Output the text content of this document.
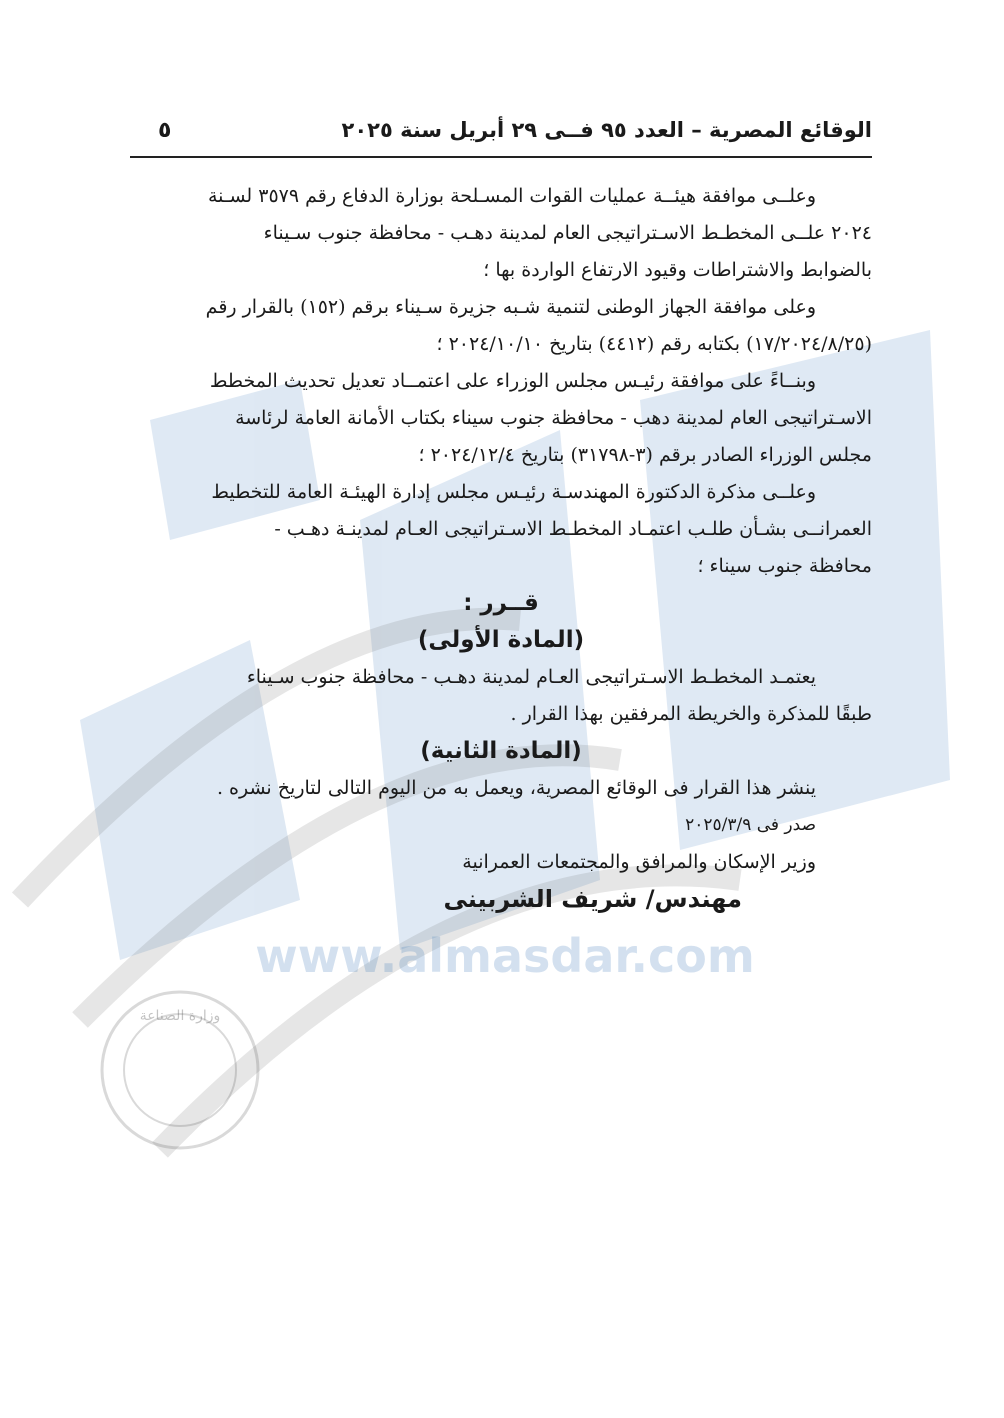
وزارة الصناعة
www.almasdar.com
٥	الوقائع المصرية – العدد ٩٥ فــى ٢٩ أبريل سنة ٢٠٢٥

وعلــى موافقة هيئــة عمليات القوات المسـلحة بوزارة الدفاع رقم ٣٥٧٩ لسـنة
٢٠٢٤ علــى المخطـط الاسـتراتيجى العام لمدينة دهـب - محافظة جنوب سـيناء
بالضوابط والاشتراطات وقيود الارتفاع الواردة بها ؛

وعلى موافقة الجهاز الوطنى لتنمية شـبه جزيرة سـيناء برقم (١٥٢) بالقرار رقم
(١٧/٢٠٢٤/٨/٢٥) بكتابه رقم (٤٤١٢) بتاريخ ٢٠٢٤/١٠/١٠ ؛

وبنــاءً على موافقة رئيـس مجلس الوزراء على اعتمــاد تعديل تحديث المخطط
الاسـتراتيجى العام لمدينة دهب - محافظة جنوب سيناء بكتاب الأمانة العامة لرئاسة
مجلس الوزراء الصادر برقم (٣-٣١٧٩٨) بتاريخ ٢٠٢٤/١٢/٤ ؛

وعلــى مذكرة الدكتورة المهندسـة رئيـس مجلس إدارة الهيئـة العامة للتخطيط
العمرانــى بشـأن طلـب اعتمـاد المخطـط الاسـتراتيجى العـام لمدينـة دهـب -
محافظة جنوب سيناء ؛

قــرر :

(المادة الأولى)

يعتمـد المخطـط الاسـتراتيجى العـام لمدينة دهـب - محافظة جنوب سـيناء
طبقًا للمذكرة والخريطة المرفقين بهذا القرار .

(المادة الثانية)

ينشر هذا القرار فى الوقائع المصرية، ويعمل به من اليوم التالى لتاريخ نشره .

صدر فى ٢٠٢٥/٣/٩

وزير الإسكان والمرافق والمجتمعات العمرانية

مهندس/ شريف الشربينى
